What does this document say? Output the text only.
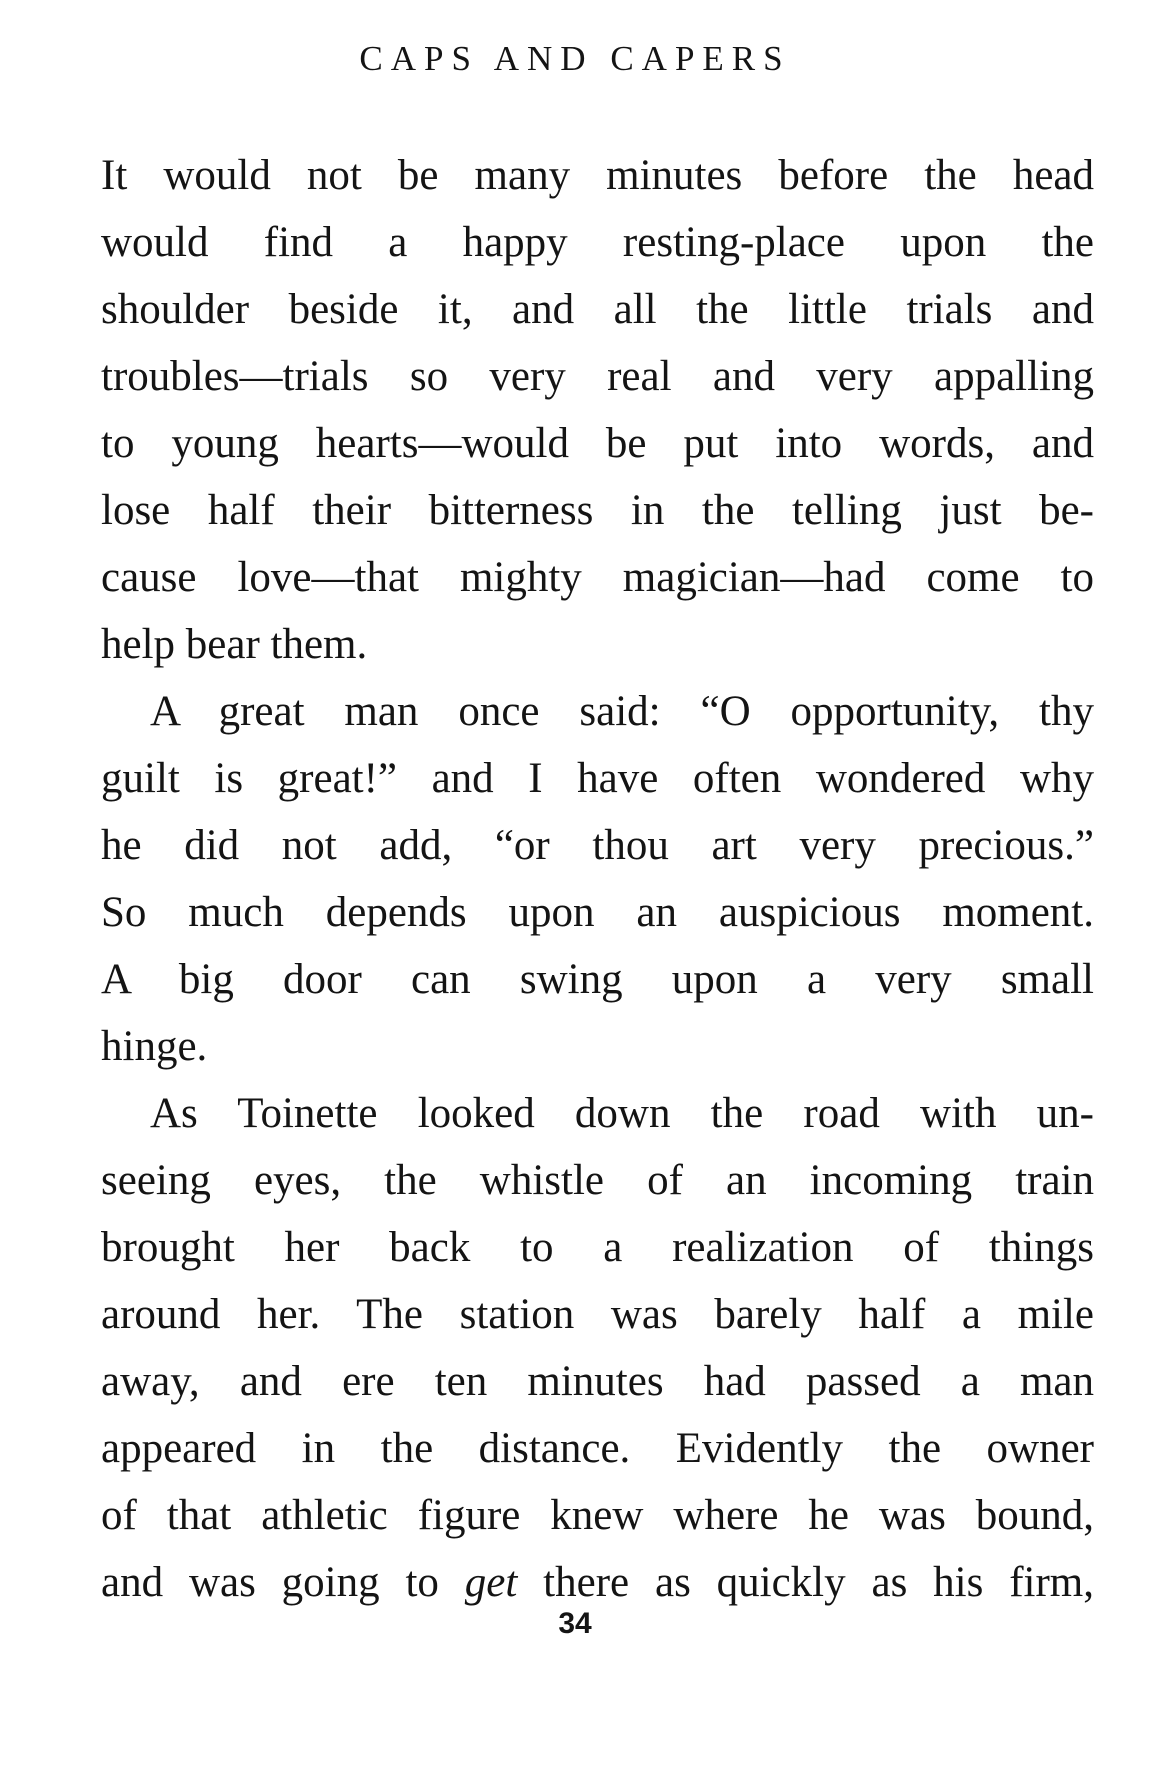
CAPS AND CAPERS
It would not be many minutes before the head
would find a happy resting-place upon the
shoulder beside it, and all the little trials and
troubles—trials so very real and very appalling
to young hearts—would be put into words, and
lose half their bitterness in the telling just be-
cause love—that mighty magician—had come to
help bear them.
A great man once said: “O opportunity, thy
guilt is great!” and I have often wondered why
he did not add, “or thou art very precious.”
So much depends upon an auspicious moment.
A big door can swing upon a very small
hinge.
As Toinette looked down the road with un-
seeing eyes, the whistle of an incoming train
brought her back to a realization of things
around her. The station was barely half a mile
away, and ere ten minutes had passed a man
appeared in the distance. Evidently the owner
of that athletic figure knew where he was bound,
and was going to get there as quickly as his firm,
34
